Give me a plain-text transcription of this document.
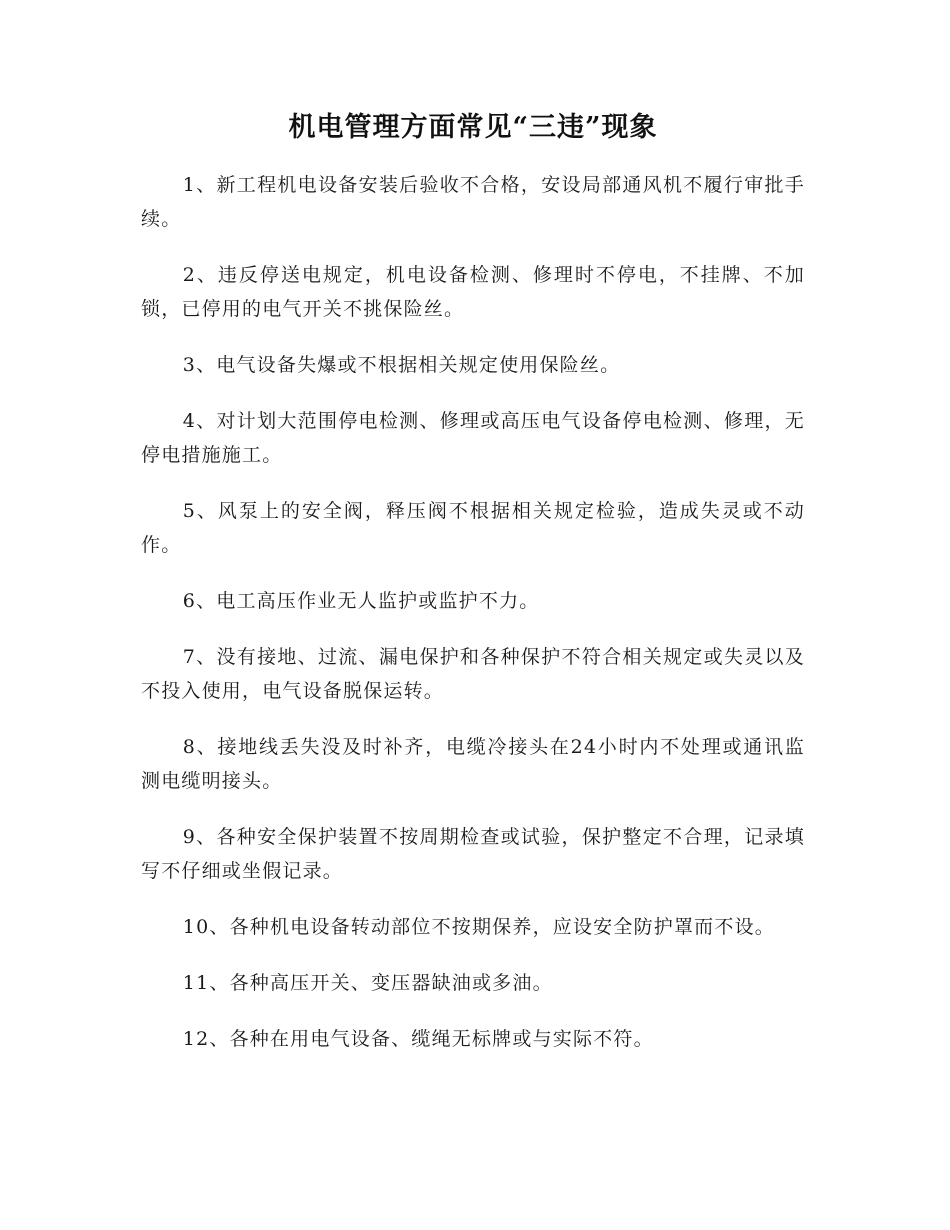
机电管理方面常见“三违”现象

1、新工程机电设备安装后验收不合格，安设局部通风机不履行审批手续。

2、违反停送电规定，机电设备检测、修理时不停电，不挂牌、不加锁，已停用的电气开关不挑保险丝。

3、电气设备失爆或不根据相关规定使用保险丝。

4、对计划大范围停电检测、修理或高压电气设备停电检测、修理，无停电措施施工。

5、风泵上的安全阀，释压阀不根据相关规定检验，造成失灵或不动作。

6、电工高压作业无人监护或监护不力。

7、没有接地、过流、漏电保护和各种保护不符合相关规定或失灵以及不投入使用，电气设备脱保运转。

8、接地线丢失没及时补齐，电缆冷接头在24小时内不处理或通讯监测电缆明接头。

9、各种安全保护装置不按周期检查或试验，保护整定不合理，记录填写不仔细或坐假记录。

10、各种机电设备转动部位不按期保养，应设安全防护罩而不设。

11、各种高压开关、变压器缺油或多油。

12、各种在用电气设备、缆绳无标牌或与实际不符。
